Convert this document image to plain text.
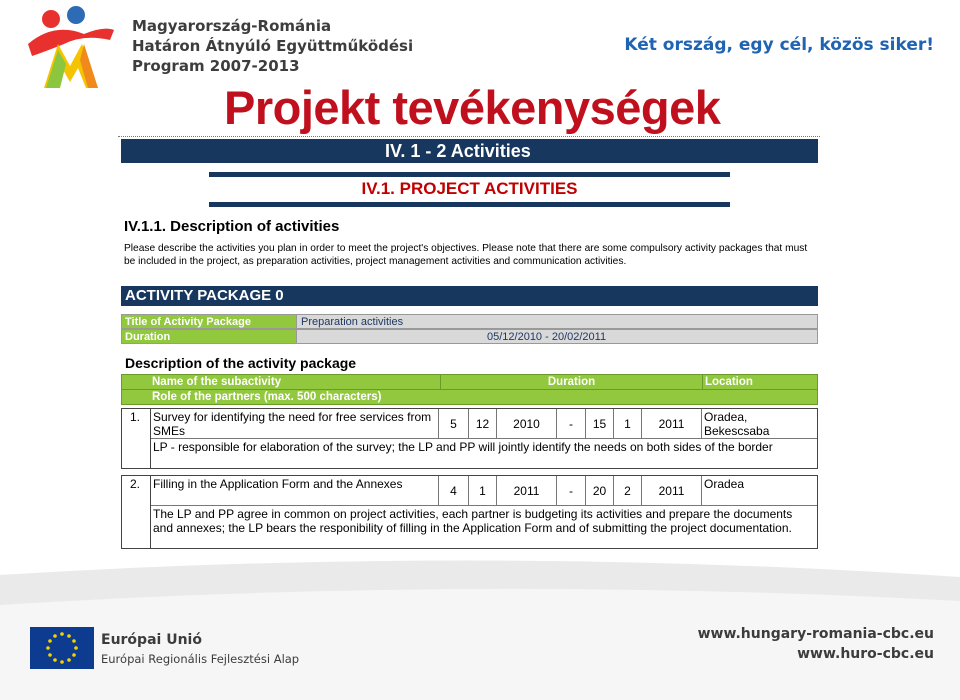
Magyarország-Románia
Határon Átnyúló Együttműködési
Program 2007-2013
Két ország, egy cél, közös siker!
Projekt tevékenységek
IV. 1 - 2 Activities
IV.1. PROJECT ACTIVITIES
IV.1.1. Description of activities
Please describe the activities you plan in order to meet the project's objectives. Please note that there are some compulsory activity packages that must be included in the project, as preparation activities, project management activities and communication activities.
ACTIVITY PACKAGE 0
Title of Activity Package	Preparation activities
Duration	05/12/2010 - 20/02/2011
Description of the activity package
Name of the subactivity	Duration	Location
Role of the partners (max. 500 characters)
1.	Survey for identifying the need for free services from SMEs	5	12	2010	-	15	1	2011	Oradea, Bekescsaba
LP - responsible for elaboration of the survey; the LP and PP will jointly identify the needs on both sides of the border
2.	Filling in the Application Form and the Annexes	4	1	2011	-	20	2	2011	Oradea
The LP and PP agree in common on project activities, each partner is budgeting its activities and prepare the documents and annexes; the LP bears the responibility of filling in the Application Form and of submitting the project documentation.
Európai Unió
Európai Regionális Fejlesztési Alap
www.hungary-romania-cbc.eu
www.huro-cbc.eu
